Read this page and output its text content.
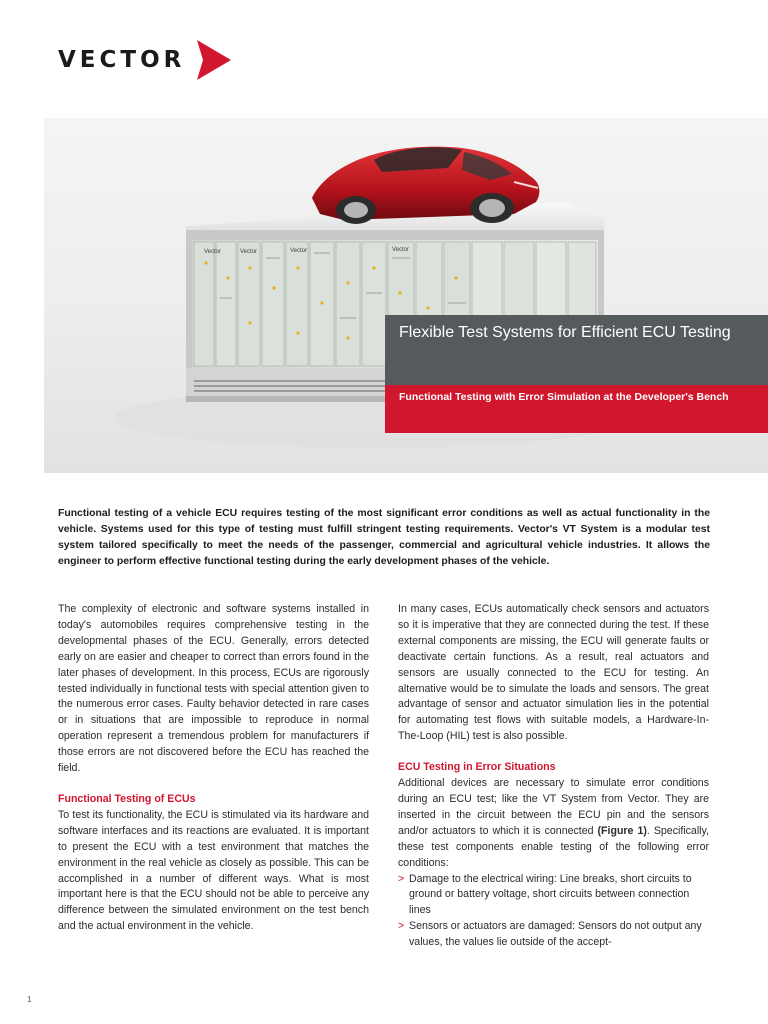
VECTOR
Vector	Vector	Vector	Vector
Flexible Test Systems for Efficient ECU Testing
Functional Testing with Error Simulation at the Developer's Bench
Functional testing of a vehicle ECU requires testing of the most significant error conditions as well as actual functionality in the vehicle. Systems used for this type of testing must fulfill stringent testing requirements. Vector's VT System is a modular test system tailored specifically to meet the needs of the passenger, commercial and agricultural vehicle industries. It allows the engineer to perform effective functional testing during the early development phases of the vehicle.

The complexity of electronic and software systems installed in today's automobiles requires comprehensive testing in the developmental phases of the ECU. Generally, errors detected early on are easier and cheaper to correct than errors found in the later phases of development. In this process, ECUs are rigorously tested individually in functional tests with special attention given to the numerous error cases. Faulty behavior detected in rare cases or in situations that are impossible to reproduce in normal operation represent a tremendous problem for manufacturers if those errors are not discovered before the ECU has reached the field.

Functional Testing of ECUs

To test its functionality, the ECU is stimulated via its hardware and software interfaces and its reactions are evaluated. It is important to present the ECU with a test environment that matches the environment in the real vehicle as closely as possible. This can be accomplished in a number of different ways. What is most important here is that the ECU should not be able to perceive any difference between the simulated environment on the test bench and the actual environment in the vehicle.

In many cases, ECUs automatically check sensors and actuators so it is imperative that they are connected during the test. If these external components are missing, the ECU will generate faults or deactivate certain functions. As a result, real actuators and sensors are usually connected to the ECU for testing. An alternative would be to simulate the loads and sensors. The great advantage of sensor and actuator simulation lies in the potential for automating test flows with suitable models, a Hardware-In-The-Loop (HIL) test is also possible.

ECU Testing in Error Situations

Additional devices are necessary to simulate error conditions during an ECU test; like the VT System from Vector. They are inserted in the circuit between the ECU pin and the sensors and/or actuators to which it is connected (Figure 1). Specifically, these test components enable testing of the following error conditions:

> Damage to the electrical wiring: Line breaks, short circuits to ground or battery voltage, short circuits between connection lines
> Sensors or actuators are damaged: Sensors do not output any values, the values lie outside of the accept-
1
